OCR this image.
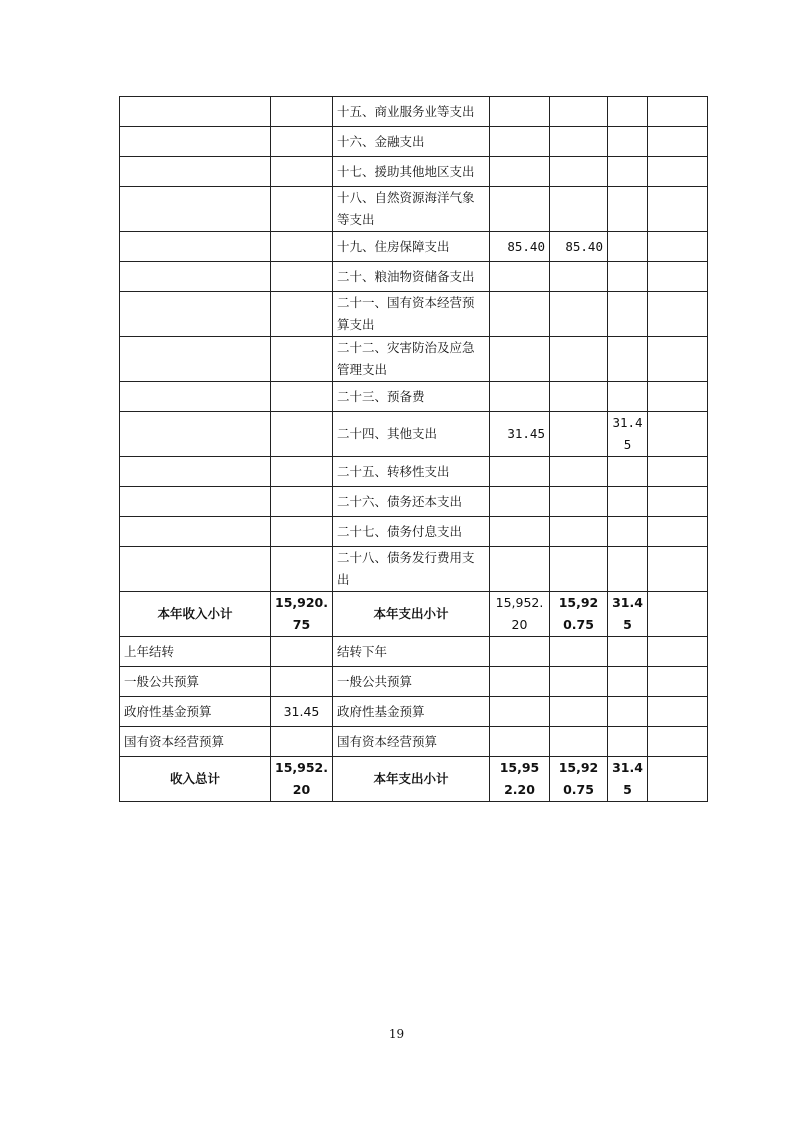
		十五、商业服务业等支出				
		十六、金融支出				
		十七、援助其他地区支出				
		十八、自然资源海洋气象等支出				
		十九、住房保障支出	85.40	85.40		
		二十、粮油物资储备支出				
		二十一、国有资本经营预算支出				
		二十二、灾害防治及应急管理支出				
		二十三、预备费				
		二十四、其他支出	31.45		31.45	
		二十五、转移性支出				
		二十六、债务还本支出				
		二十七、债务付息支出				
		二十八、债务发行费用支出				
本年收入小计	15,920.75	本年支出小计	15,952.20	15,920.75	31.45	
上年结转		结转下年				
一般公共预算		一般公共预算				
政府性基金预算	31.45	政府性基金预算				
国有资本经营预算		国有资本经营预算				
收入总计	15,952.20	本年支出小计	15,952.20	15,920.75	31.45	
19
